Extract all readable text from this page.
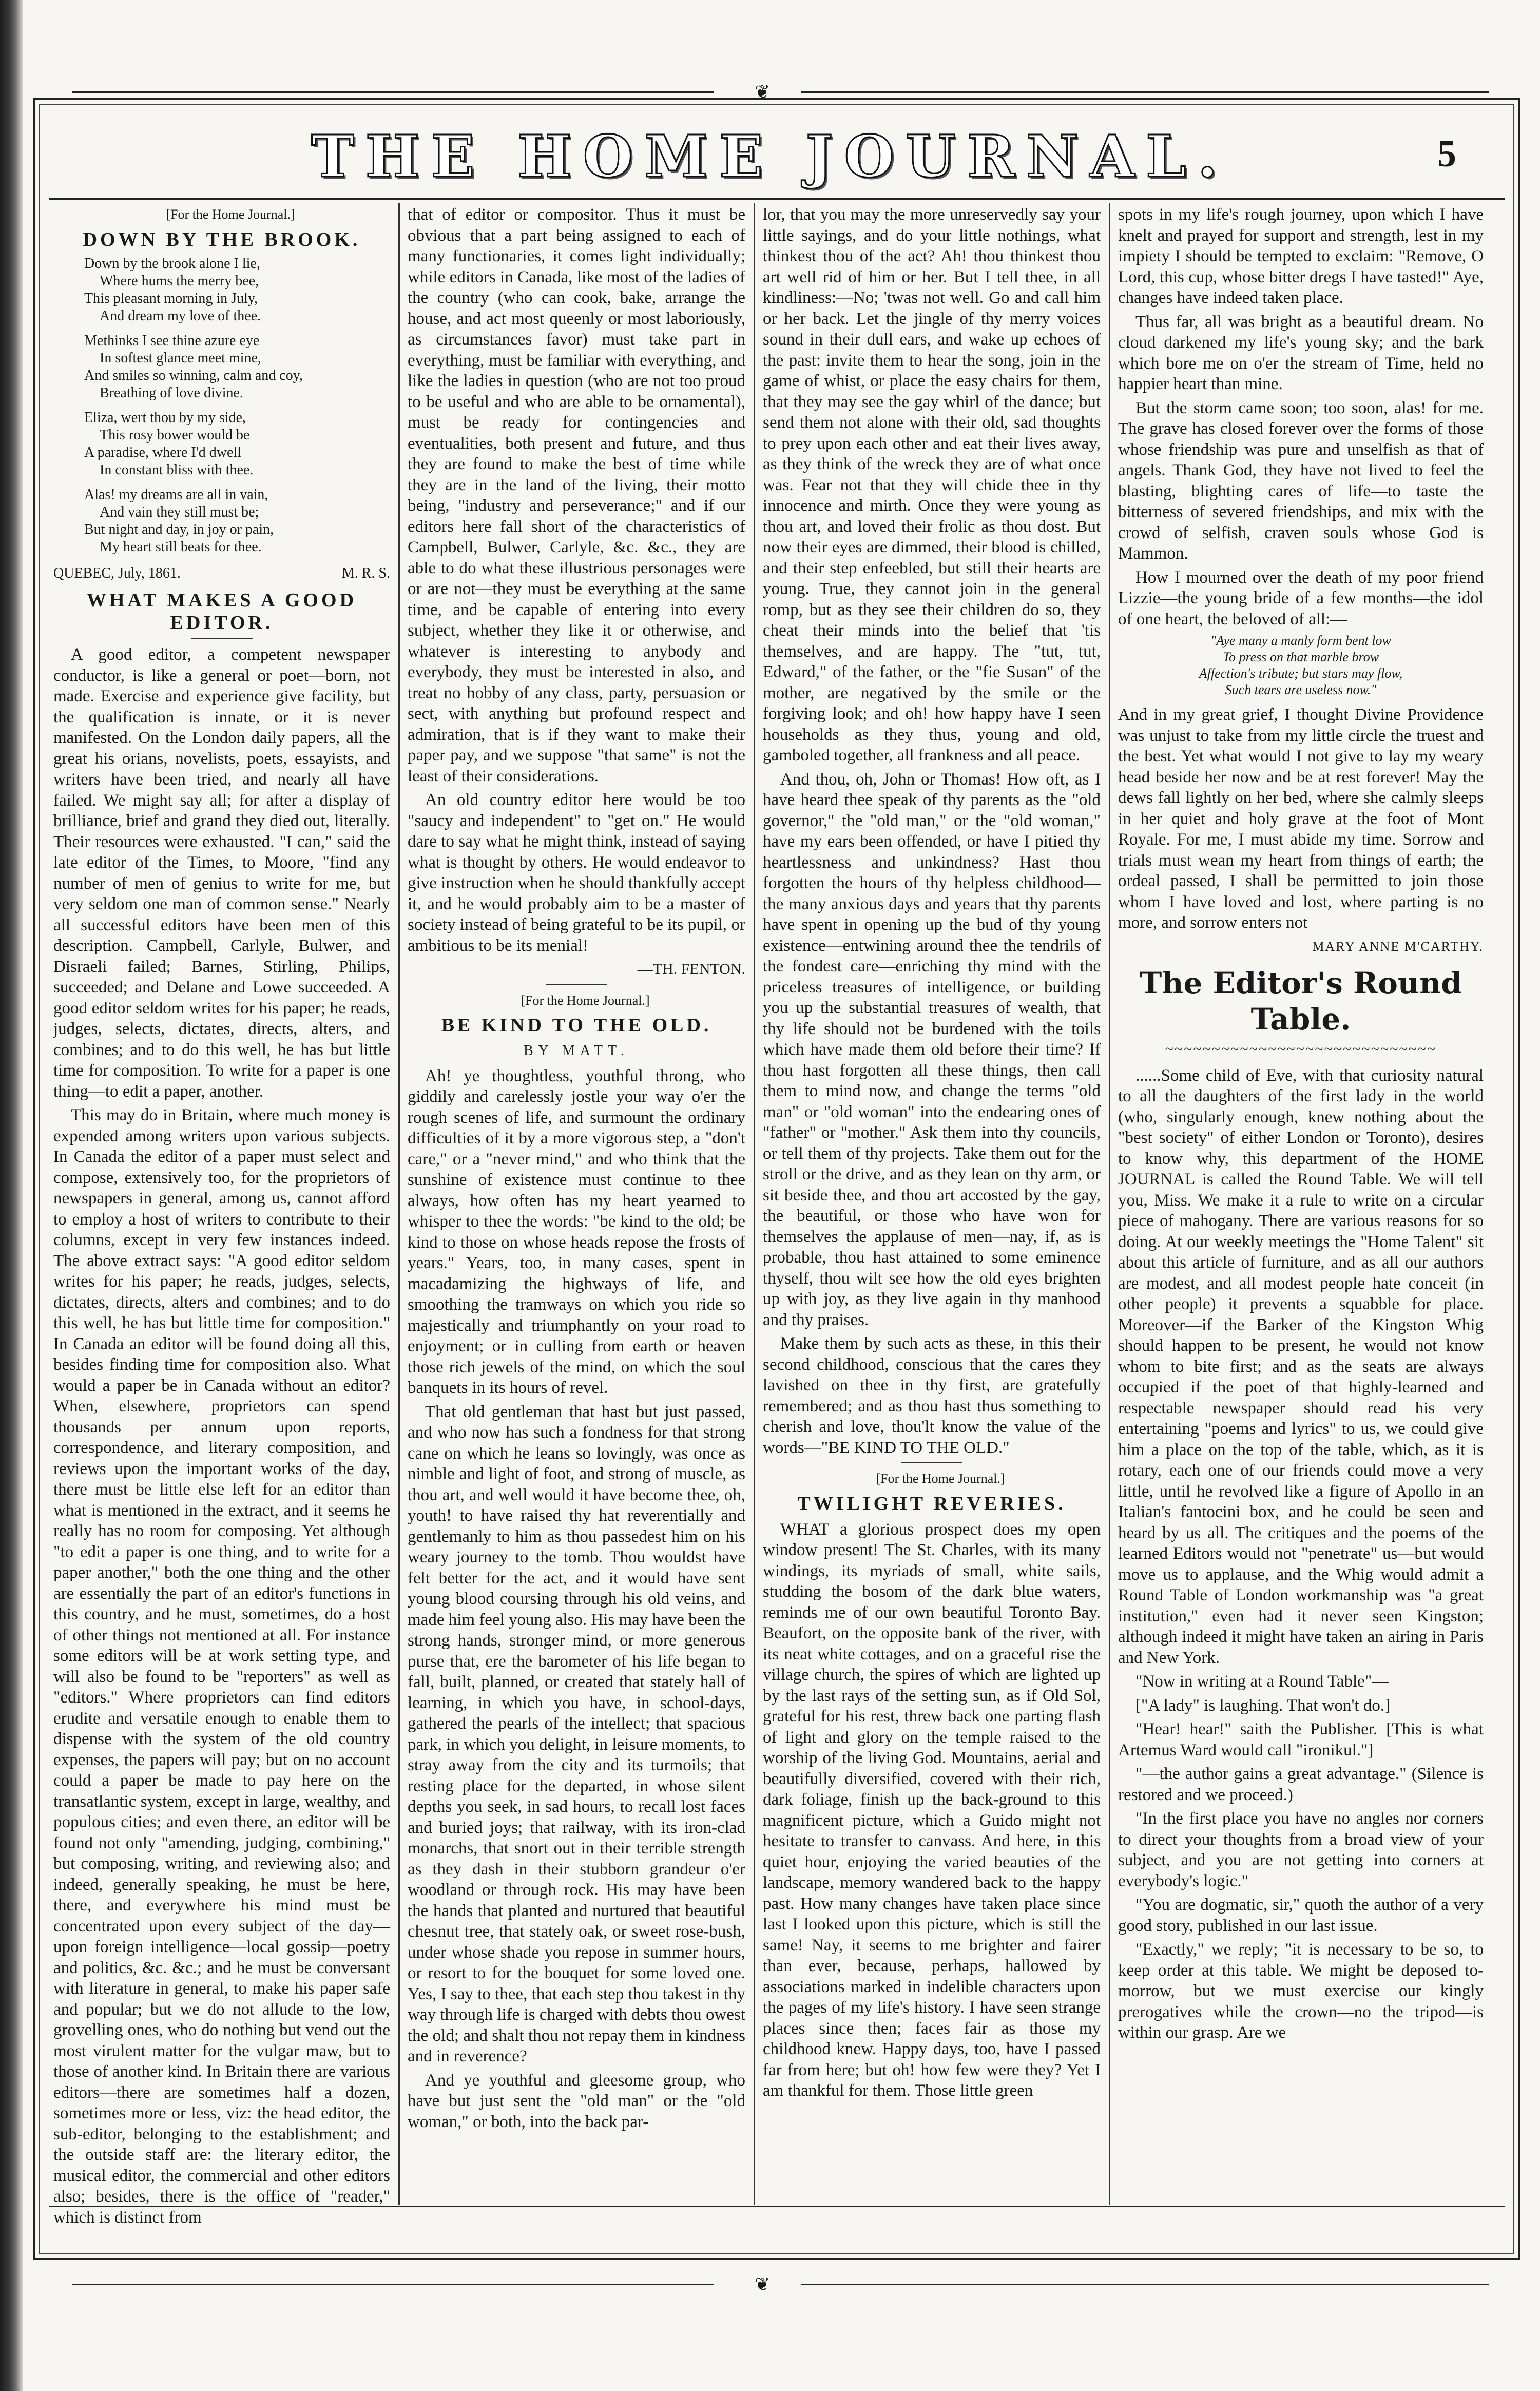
❦
THE HOME JOURNAL.	5

[For the Home Journal.]

DOWN BY THE BROOK.
Down by the brook alone I lie,
Where hums the merry bee,
This pleasant morning in July,
And dream my love of thee.
Methinks I see thine azure eye
In softest glance meet mine,
And smiles so winning, calm and coy,
Breathing of love divine.
Eliza, wert thou by my side,
This rosy bower would be
A paradise, where I'd dwell
In constant bliss with thee.
Alas! my dreams are all in vain,
And vain they still must be;
But night and day, in joy or pain,
My heart still beats for thee.
QUEBEC, July, 1861.	M. R. S.
WHAT MAKES A GOOD EDITOR.

A good editor, a competent newspaper conductor, is like a general or poet—born, not made. Exercise and experience give facility, but the qualification is innate, or it is never manifested. On the London daily papers, all the great his orians, novelists, poets, essayists, and writers have been tried, and nearly all have failed. We might say all; for after a display of brilliance, brief and grand they died out, literally. Their resources were exhausted. "I can," said the late editor of the Times, to Moore, "find any number of men of genius to write for me, but very seldom one man of common sense." Nearly all successful editors have been men of this description. Campbell, Carlyle, Bulwer, and Disraeli failed; Barnes, Stirling, Philips, succeeded; and Delane and Lowe succeeded. A good editor seldom writes for his paper; he reads, judges, selects, dictates, directs, alters, and combines; and to do this well, he has but little time for composition. To write for a paper is one thing—to edit a paper, another.

This may do in Britain, where much money is expended among writers upon various subjects. In Canada the editor of a paper must select and compose, extensively too, for the proprietors of newspapers in general, among us, cannot afford to employ a host of writers to contribute to their columns, except in very few instances indeed. The above extract says: "A good editor seldom writes for his paper; he reads, judges, selects, dictates, directs, alters and combines; and to do this well, he has but little time for composition." In Canada an editor will be found doing all this, besides finding time for composition also. What would a paper be in Canada without an editor? When, elsewhere, proprietors can spend thousands per annum upon reports, correspondence, and literary composition, and reviews upon the important works of the day, there must be little else left for an editor than what is mentioned in the extract, and it seems he really has no room for composing. Yet although "to edit a paper is one thing, and to write for a paper another," both the one thing and the other are essentially the part of an editor's functions in this country, and he must, sometimes, do a host of other things not mentioned at all. For instance some editors will be at work setting type, and will also be found to be "reporters" as well as "editors." Where proprietors can find editors erudite and versatile enough to enable them to dispense with the system of the old country expenses, the papers will pay; but on no account could a paper be made to pay here on the transatlantic system, except in large, wealthy, and populous cities; and even there, an editor will be found not only "amending, judging, combining," but composing, writing, and reviewing also; and indeed, generally speaking, he must be here, there, and everywhere his mind must be concentrated upon every subject of the day—upon foreign intelligence—local gossip—poetry and politics, &c. &c.; and he must be conversant with literature in general, to make his paper safe and popular; but we do not allude to the low, grovelling ones, who do nothing but vend out the most virulent matter for the vulgar maw, but to those of another kind. In Britain there are various editors—there are sometimes half a dozen, sometimes more or less, viz: the head editor, the sub-editor, belonging to the establishment; and the outside staff are: the literary editor, the musical editor, the commercial and other editors also; besides, there is the office of "reader," which is distinct from

that of editor or compositor. Thus it must be obvious that a part being assigned to each of many functionaries, it comes light individually; while editors in Canada, like most of the ladies of the country (who can cook, bake, arrange the house, and act most queenly or most laboriously, as circumstances favor) must take part in everything, must be familiar with everything, and like the ladies in question (who are not too proud to be useful and who are able to be ornamental), must be ready for contingencies and eventualities, both present and future, and thus they are found to make the best of time while they are in the land of the living, their motto being, "industry and perseverance;" and if our editors here fall short of the characteristics of Campbell, Bulwer, Carlyle, &c. &c., they are able to do what these illustrious personages were or are not—they must be everything at the same time, and be capable of entering into every subject, whether they like it or otherwise, and whatever is interesting to anybody and everybody, they must be interested in also, and treat no hobby of any class, party, persuasion or sect, with anything but profound respect and admiration, that is if they want to make their paper pay, and we suppose "that same" is not the least of their considerations.

An old country editor here would be too "saucy and independent" to "get on." He would dare to say what he might think, instead of saying what is thought by others. He would endeavor to give instruction when he should thankfully accept it, and he would probably aim to be a master of society instead of being grateful to be its pupil, or ambitious to be its menial!

—TH. FENTON.

[For the Home Journal.]

BE KIND TO THE OLD.
BY MATT.

Ah! ye thoughtless, youthful throng, who giddily and carelessly jostle your way o'er the rough scenes of life, and surmount the ordinary difficulties of it by a more vigorous step, a "don't care," or a "never mind," and who think that the sunshine of existence must continue to thee always, how often has my heart yearned to whisper to thee the words: "be kind to the old; be kind to those on whose heads repose the frosts of years." Years, too, in many cases, spent in macadamizing the highways of life, and smoothing the tramways on which you ride so majestically and triumphantly on your road to enjoyment; or in culling from earth or heaven those rich jewels of the mind, on which the soul banquets in its hours of revel.

That old gentleman that hast but just passed, and who now has such a fondness for that strong cane on which he leans so lovingly, was once as nimble and light of foot, and strong of muscle, as thou art, and well would it have become thee, oh, youth! to have raised thy hat reverentially and gentlemanly to him as thou passedest him on his weary journey to the tomb. Thou wouldst have felt better for the act, and it would have sent young blood coursing through his old veins, and made him feel young also. His may have been the strong hands, stronger mind, or more generous purse that, ere the barometer of his life began to fall, built, planned, or created that stately hall of learning, in which you have, in school-days, gathered the pearls of the intellect; that spacious park, in which you delight, in leisure moments, to stray away from the city and its turmoils; that resting place for the departed, in whose silent depths you seek, in sad hours, to recall lost faces and buried joys; that railway, with its iron-clad monarchs, that snort out in their terrible strength as they dash in their stubborn grandeur o'er woodland or through rock. His may have been the hands that planted and nurtured that beautiful chesnut tree, that stately oak, or sweet rose-bush, under whose shade you repose in summer hours, or resort to for the bouquet for some loved one. Yes, I say to thee, that each step thou takest in thy way through life is charged with debts thou owest the old; and shalt thou not repay them in kindness and in reverence?

And ye youthful and gleesome group, who have but just sent the "old man" or the "old woman," or both, into the back par-

lor, that you may the more unreservedly say your little sayings, and do your little nothings, what thinkest thou of the act? Ah! thou thinkest thou art well rid of him or her. But I tell thee, in all kindliness:—No; 'twas not well. Go and call him or her back. Let the jingle of thy merry voices sound in their dull ears, and wake up echoes of the past: invite them to hear the song, join in the game of whist, or place the easy chairs for them, that they may see the gay whirl of the dance; but send them not alone with their old, sad thoughts to prey upon each other and eat their lives away, as they think of the wreck they are of what once was. Fear not that they will chide thee in thy innocence and mirth. Once they were young as thou art, and loved their frolic as thou dost. But now their eyes are dimmed, their blood is chilled, and their step enfeebled, but still their hearts are young. True, they cannot join in the general romp, but as they see their children do so, they cheat their minds into the belief that 'tis themselves, and are happy. The "tut, tut, Edward," of the father, or the "fie Susan" of the mother, are negatived by the smile or the forgiving look; and oh! how happy have I seen households as they thus, young and old, gamboled together, all frankness and all peace.

And thou, oh, John or Thomas! How oft, as I have heard thee speak of thy parents as the "old governor," the "old man," or the "old woman," have my ears been offended, or have I pitied thy heartlessness and unkindness? Hast thou forgotten the hours of thy helpless childhood—the many anxious days and years that thy parents have spent in opening up the bud of thy young existence—entwining around thee the tendrils of the fondest care—enriching thy mind with the priceless treasures of intelligence, or building you up the substantial treasures of wealth, that thy life should not be burdened with the toils which have made them old before their time? If thou hast forgotten all these things, then call them to mind now, and change the terms "old man" or "old woman" into the endearing ones of "father" or "mother." Ask them into thy councils, or tell them of thy projects. Take them out for the stroll or the drive, and as they lean on thy arm, or sit beside thee, and thou art accosted by the gay, the beautiful, or those who have won for themselves the applause of men—nay, if, as is probable, thou hast attained to some eminence thyself, thou wilt see how the old eyes brighten up with joy, as they live again in thy manhood and thy praises.

Make them by such acts as these, in this their second childhood, conscious that the cares they lavished on thee in thy first, are gratefully remembered; and as thou hast thus something to cherish and love, thou'lt know the value of the words—"BE KIND TO THE OLD."

[For the Home Journal.]

TWILIGHT REVERIES.

WHAT a glorious prospect does my open window present! The St. Charles, with its many windings, its myriads of small, white sails, studding the bosom of the dark blue waters, reminds me of our own beautiful Toronto Bay. Beaufort, on the opposite bank of the river, with its neat white cottages, and on a graceful rise the village church, the spires of which are lighted up by the last rays of the setting sun, as if Old Sol, grateful for his rest, threw back one parting flash of light and glory on the temple raised to the worship of the living God. Mountains, aerial and beautifully diversified, covered with their rich, dark foliage, finish up the back-ground to this magnificent picture, which a Guido might not hesitate to transfer to canvass. And here, in this quiet hour, enjoying the varied beauties of the landscape, memory wandered back to the happy past. How many changes have taken place since last I looked upon this picture, which is still the same! Nay, it seems to me brighter and fairer than ever, because, perhaps, hallowed by associations marked in indelible characters upon the pages of my life's history. I have seen strange places since then; faces fair as those my childhood knew. Happy days, too, have I passed far from here; but oh! how few were they? Yet I am thankful for them. Those little green

spots in my life's rough journey, upon which I have knelt and prayed for support and strength, lest in my impiety I should be tempted to exclaim: "Remove, O Lord, this cup, whose bitter dregs I have tasted!" Aye, changes have indeed taken place.

Thus far, all was bright as a beautiful dream. No cloud darkened my life's young sky; and the bark which bore me on o'er the stream of Time, held no happier heart than mine.

But the storm came soon; too soon, alas! for me. The grave has closed forever over the forms of those whose friendship was pure and unselfish as that of angels. Thank God, they have not lived to feel the blasting, blighting cares of life—to taste the bitterness of severed friendships, and mix with the crowd of selfish, craven souls whose God is Mammon.

How I mourned over the death of my poor friend Lizzie—the young bride of a few months—the idol of one heart, the beloved of all:—

"Aye many a manly form bent low
To press on that marble brow
Affection's tribute; but stars may flow,
Such tears are useless now."

And in my great grief, I thought Divine Providence was unjust to take from my little circle the truest and the best. Yet what would I not give to lay my weary head beside her now and be at rest forever! May the dews fall lightly on her bed, where she calmly sleeps in her quiet and holy grave at the foot of Mont Royale. For me, I must abide my time. Sorrow and trials must wean my heart from things of earth; the ordeal passed, I shall be permitted to join those whom I have loved and lost, where parting is no more, and sorrow enters not

MARY ANNE M'CARTHY.
The Editor's Round Table.
~~~~~~~~~~~~~~~~~~~~~~~~~~~~~

......Some child of Eve, with that curiosity natural to all the daughters of the first lady in the world (who, singularly enough, knew nothing about the "best society" of either London or Toronto), desires to know why, this department of the HOME JOURNAL is called the Round Table. We will tell you, Miss. We make it a rule to write on a circular piece of mahogany. There are various reasons for so doing. At our weekly meetings the "Home Talent" sit about this article of furniture, and as all our authors are modest, and all modest people hate conceit (in other people) it prevents a squabble for place. Moreover—if the Barker of the Kingston Whig should happen to be present, he would not know whom to bite first; and as the seats are always occupied if the poet of that highly-learned and respectable newspaper should read his very entertaining "poems and lyrics" to us, we could give him a place on the top of the table, which, as it is rotary, each one of our friends could move a very little, until he revolved like a figure of Apollo in an Italian's fantocini box, and he could be seen and heard by us all. The critiques and the poems of the learned Editors would not "penetrate" us—but would move us to applause, and the Whig would admit a Round Table of London workmanship was "a great institution," even had it never seen Kingston; although indeed it might have taken an airing in Paris and New York.

"Now in writing at a Round Table"—

["A lady" is laughing. That won't do.]

"Hear! hear!" saith the Publisher. [This is what Artemus Ward would call "ironikul."]

"—the author gains a great advantage." (Silence is restored and we proceed.)

"In the first place you have no angles nor corners to direct your thoughts from a broad view of your subject, and you are not getting into corners at everybody's logic."

"You are dogmatic, sir," quoth the author of a very good story, published in our last issue.

"Exactly," we reply; "it is necessary to be so, to keep order at this table. We might be deposed to-morrow, but we must exercise our kingly prerogatives while the crown—no the tripod—is within our grasp. Are we

❦
